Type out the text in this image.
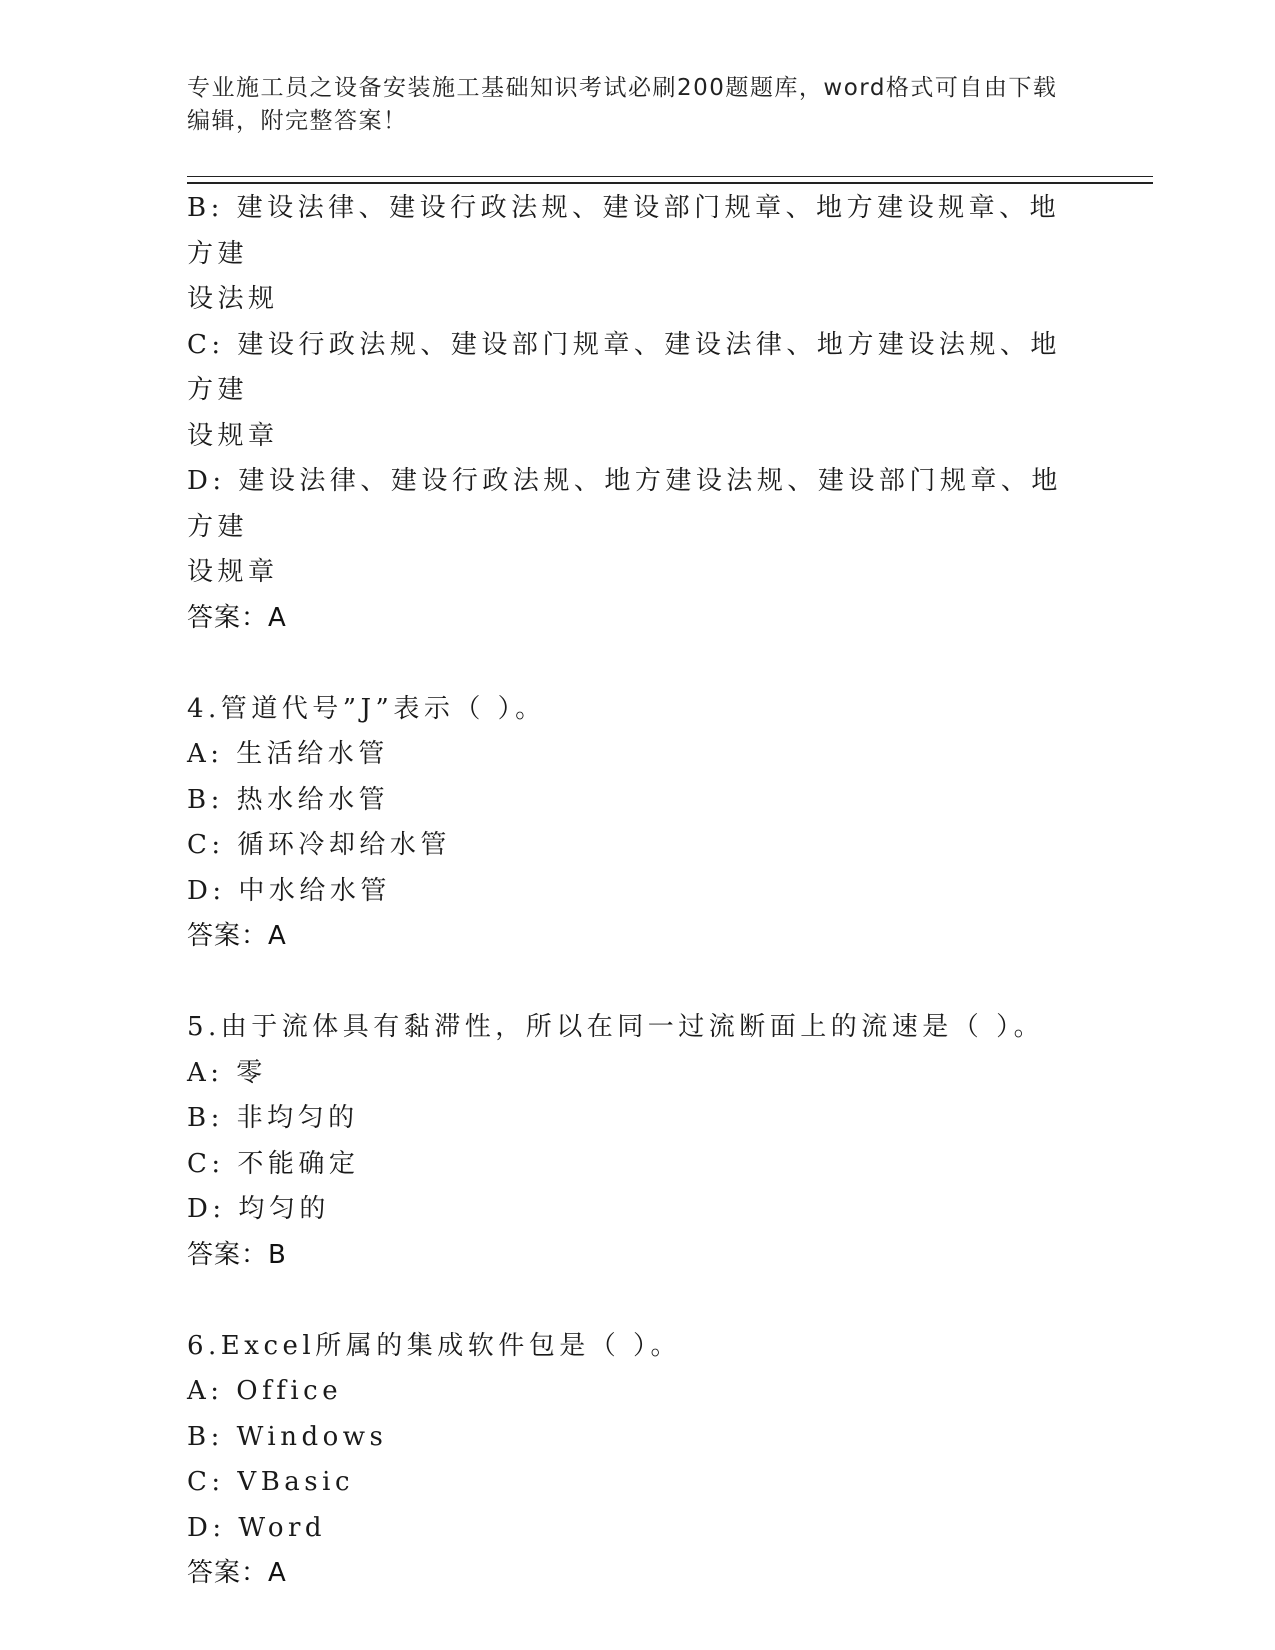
专业施工员之设备安装施工基础知识考试必刷200题题库，word格式可自由下载
编辑，附完整答案！
B: 建设法律、建设行政法规、建设部门规章、地方建设规章、地方建
设法规
C: 建设行政法规、建设部门规章、建设法律、地方建设法规、地方建
设规章
D: 建设法律、建设行政法规、地方建设法规、建设部门规章、地方建
设规章
答案：A
4.管道代号”J”表示（ ）。
A: 生活给水管
B: 热水给水管
C: 循环冷却给水管
D: 中水给水管
答案：A
5.由于流体具有黏滞性，所以在同一过流断面上的流速是（ ）。
A: 零
B: 非均匀的
C: 不能确定
D: 均匀的
答案：B
6.Excel所属的集成软件包是（ ）。
A: Office
B: Windows
C: VBasic
D: Word
答案：A
